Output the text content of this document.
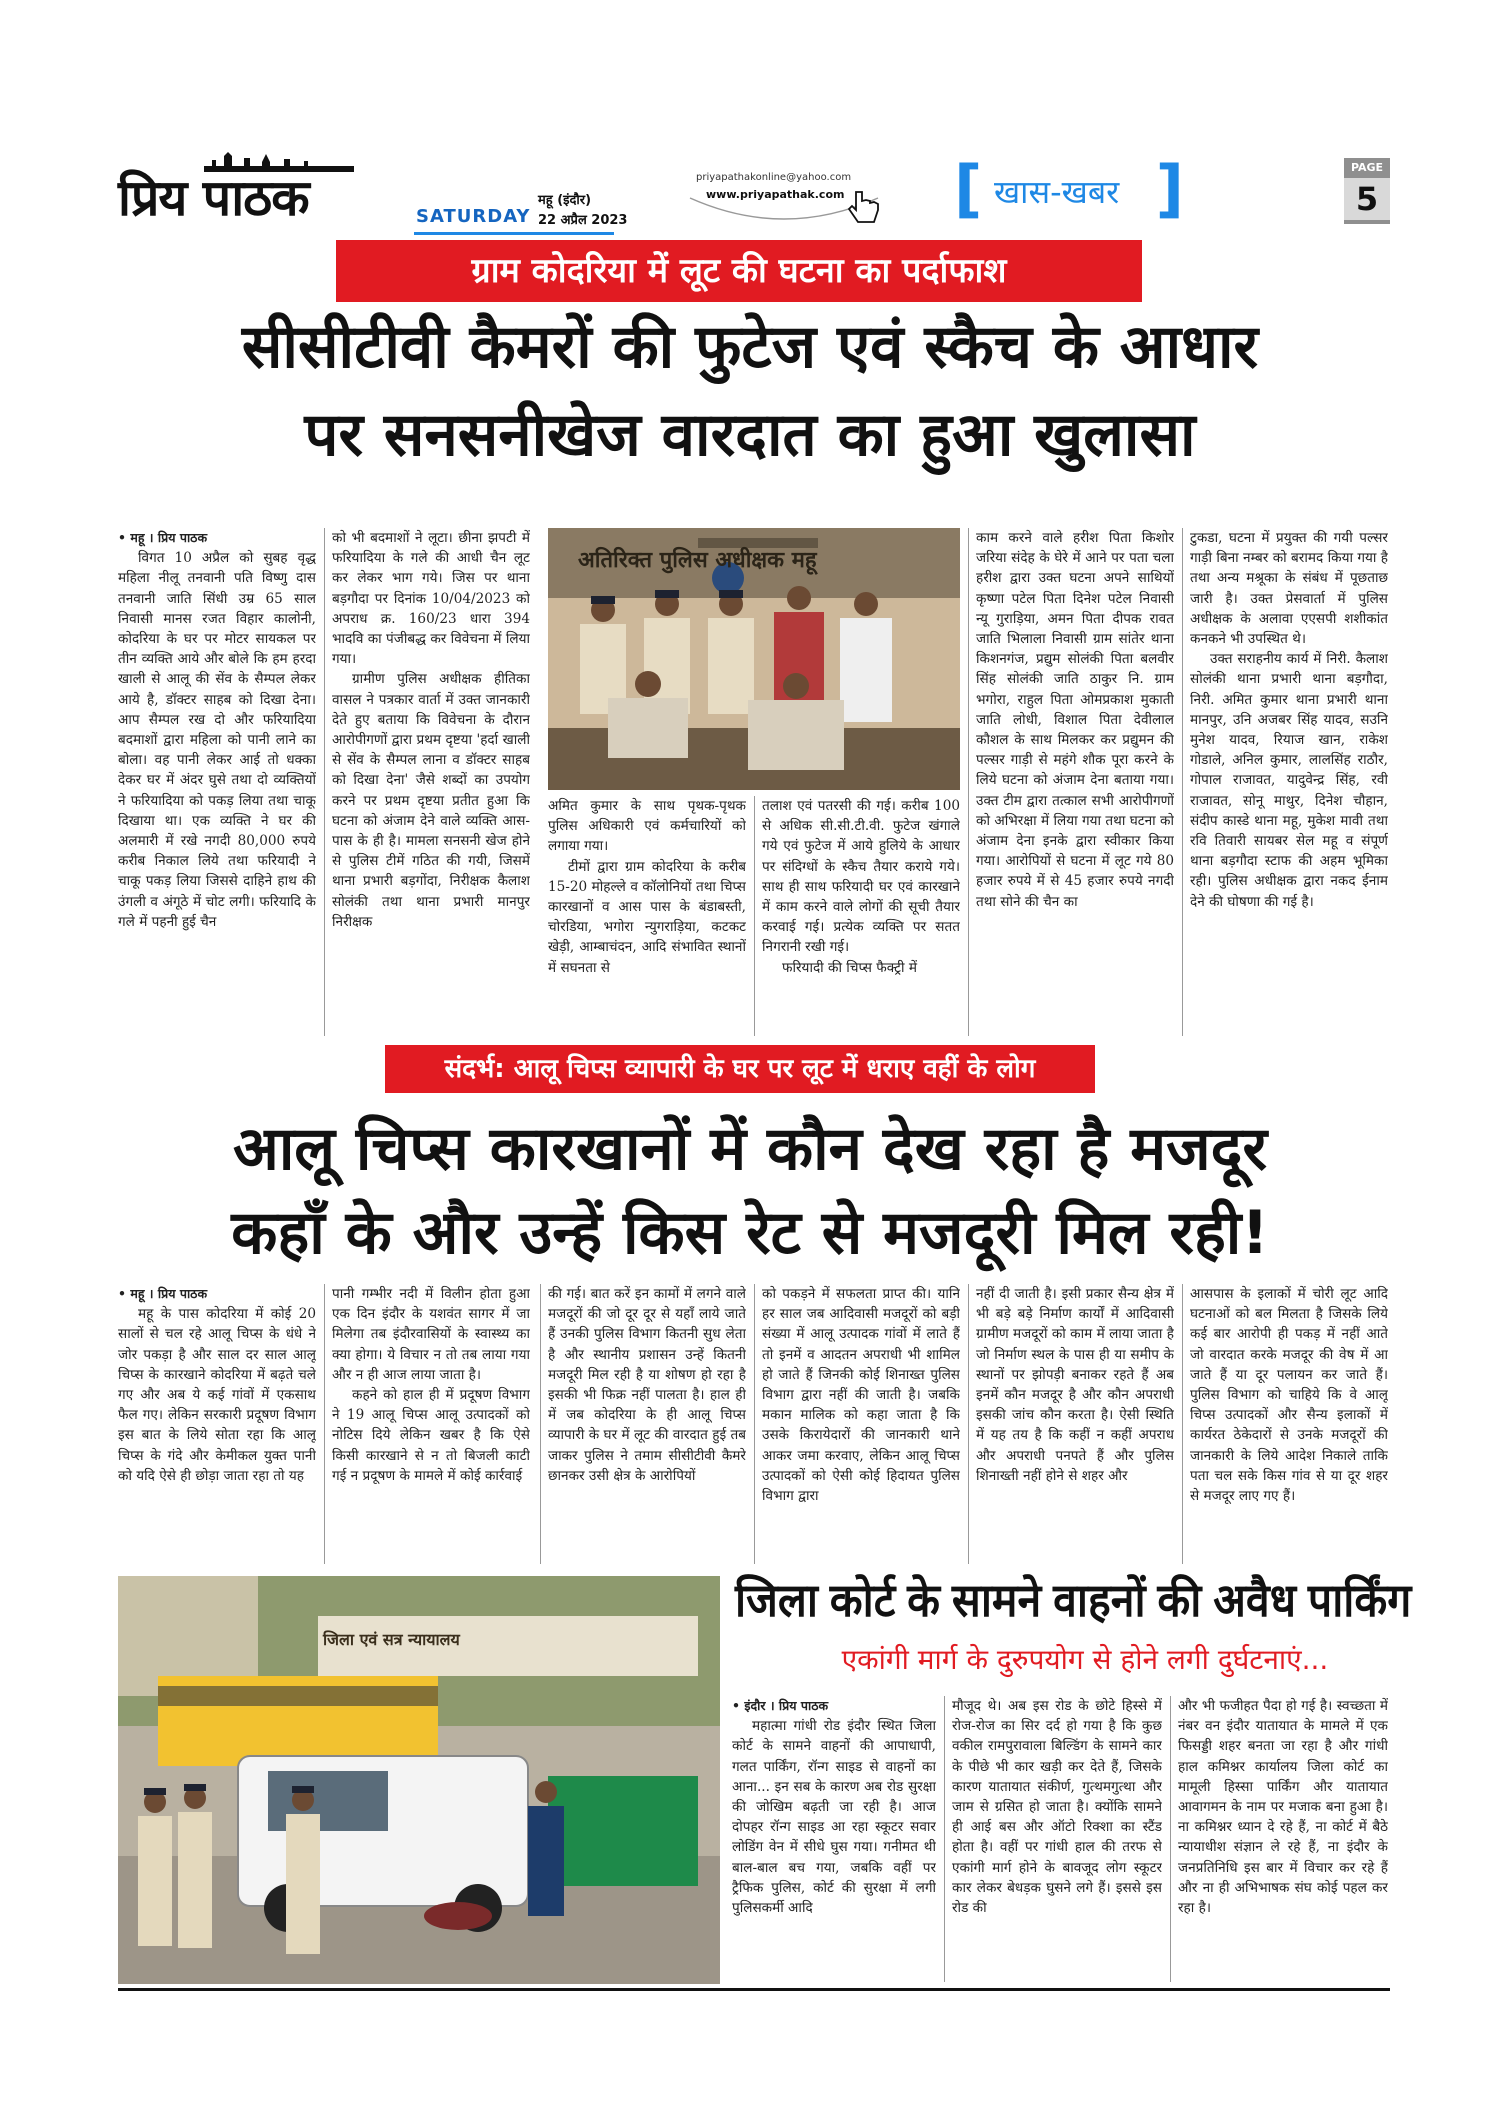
प्रिय पाठक	SATURDAY
महू (इंदौर)
22 अप्रैल 2023
priyapathakonline@yahoo.com
www.priyapathak.com [ खास-खबर ]	PAGE
5
ग्राम कोदरिया में लूट की घटना का पर्दाफाश
सीसीटीवी कैमरों की फुटेज एवं स्कैच के आधार
पर सनसनीखेज वारदात का हुआ खुलासा

• महू । प्रिय पाठक

विगत 10 अप्रैल को सुबह वृद्ध महिला नीलू तनवानी पति विष्णु दास तनवानी जाति सिंधी उम्र 65 साल निवासी मानस रजत विहार कालोनी, कोदरिया के घर पर मोटर सायकल पर तीन व्यक्ति आये और बोले कि हम हरदा खाली से आलू की सेंव के सैम्पल लेकर आये है, डॉक्टर साहब को दिखा देना। आप सैम्पल रख दो और फरियादिया बदमाशों द्वारा महिला को पानी लाने का बोला। वह पानी लेकर आई तो धक्का देकर घर में अंदर घुसे तथा दो व्यक्तियों ने फरियादिया को पकड़ लिया तथा चाकू दिखाया था। एक व्यक्ति ने घर की अलमारी में रखे नगदी 80,000 रुपये करीब निकाल लिये तथा फरियादी ने चाकू पकड़ लिया जिससे दाहिने हाथ की उंगली व अंगूठे में चोट लगी। फरियादि के गले में पहनी हुई चैन

को भी बदमाशों ने लूटा। छीना झपटी में फरियादिया के गले की आधी चैन लूट कर लेकर भाग गये। जिस पर थाना बड़गौदा पर दिनांक 10/04/2023 को अपराध क्र. 160/23 धारा 394 भादवि का पंजीबद्ध कर विवेचना में लिया गया।

ग्रामीण पुलिस अधीक्षक हीतिका वासल ने पत्रकार वार्ता में उक्त जानकारी देते हुए बताया कि विवेचना के दौरान आरोपीगणों द्वारा प्रथम दृष्टया 'हर्दा खाली से सेंव के सैम्पल लाना व डॉक्टर साहब को दिखा देना' जैसे शब्दों का उपयोग करने पर प्रथम दृष्टया प्रतीत हुआ कि घटना को अंजाम देने वाले व्यक्ति आस-पास के ही है। मामला सनसनी खेज होने से पुलिस टीमें गठित की गयी, जिसमें थाना प्रभारी बड़गोंदा, निरीक्षक कैलाश सोलंकी तथा थाना प्रभारी मानपुर निरीक्षक

अतिरिक्त पुलिस अधीक्षक महू

अमित कुमार के साथ पृथक-पृथक पुलिस अधिकारी एवं कर्मचारियों को लगाया गया।

टीमों द्वारा ग्राम कोदरिया के करीब 15-20 मोहल्ले व कॉलोनियों तथा चिप्स कारखानों व आस पास के बंडाबस्ती, चोरडिया, भगोरा न्युगराड़िया, कटकट खेड़ी, आम्बाचंदन, आदि संभावित स्थानों में सघनता से

तलाश एवं पतरसी की गई। करीब 100 से अधिक सी.सी.टी.वी. फुटेज खंगाले गये एवं फुटेज में आये हुलिये के आधार पर संदिग्धों के स्कैच तैयार कराये गये। साथ ही साथ फरियादी घर एवं कारखाने में काम करने वाले लोगों की सूची तैयार करवाई गई। प्रत्येक व्यक्ति पर सतत निगरानी रखी गई।

फरियादी की चिप्स फैक्ट्री में

काम करने वाले हरीश पिता किशोर जरिया संदेह के घेरे में आने पर पता चला हरीश द्वारा उक्त घटना अपने साथियों कृष्णा पटेल पिता दिनेश पटेल निवासी न्यू गुराड़िया, अमन पिता दीपक रावत जाति भिलाला निवासी ग्राम सांतेर थाना किशनगंज, प्रद्युम सोलंकी पिता बलवीर सिंह सोलंकी जाति ठाकुर नि. ग्राम भगोरा, राहुल पिता ओमप्रकाश मुकाती जाति लोधी, विशाल पिता देवीलाल कौशल के साथ मिलकर कर प्रद्युमन की पल्सर गाड़ी से महंगे शौक पूरा करने के लिये घटना को अंजाम देना बताया गया। उक्त टीम द्वारा तत्काल सभी आरोपीगणों को अभिरक्षा में लिया गया तथा घटना को अंजाम देना इनके द्वारा स्वीकार किया गया। आरोपियों से घटना में लूट गये 80 हजार रुपये में से 45 हजार रुपये नगदी तथा सोने की चैन का

टुकडा, घटना में प्रयुक्त की गयी पल्सर गाड़ी बिना नम्बर को बरामद किया गया है तथा अन्य मश्रूका के संबंध में पूछताछ जारी है। उक्त प्रेसवार्ता में पुलिस अधीक्षक के अलावा एएसपी शशीकांत कनकने भी उपस्थित थे।

उक्त सराहनीय कार्य में निरी. कैलाश सोलंकी थाना प्रभारी थाना बड़गौदा, निरी. अमित कुमार थाना प्रभारी थाना मानपुर, उनि अजबर सिंह यादव, सउनि मुनेश यादव, रियाज खान, राकेश गोडाले, अनिल कुमार, लालसिंह राठौर, गोपाल राजावत, यादुवेन्द्र सिंह, रवी राजावत, सोनू माथुर, दिनेश चौहान, संदीप कास्डे थाना महू, मुकेश मावी तथा रवि तिवारी सायबर सेल महू व संपूर्ण थाना बड़गौदा स्टाफ की अहम भूमिका रही। पुलिस अधीक्षक द्वारा नकद ईनाम देने की घोषणा की गई है।

संदर्भ: आलू चिप्स व्यापारी के घर पर लूट में धराए वहीं के लोग
आलू चिप्स कारखानों में कौन देख रहा है मजदूर
कहाँ के और उन्हें किस रेट से मजदूरी मिल रही!

• महू । प्रिय पाठक

महू के पास कोदरिया में कोई 20 सालों से चल रहे आलू चिप्स के धंधे ने जोर पकड़ा है और साल दर साल आलू चिप्स के कारखाने कोदरिया में बढ़ते चले गए और अब ये कई गांवों में एकसाथ फैल गए। लेकिन सरकारी प्रदूषण विभाग इस बात के लिये सोता रहा कि आलू चिप्स के गंदे और केमीकल युक्त पानी को यदि ऐसे ही छोड़ा जाता रहा तो यह

पानी गम्भीर नदी में विलीन होता हुआ एक दिन इंदौर के यशवंत सागर में जा मिलेगा तब इंदौरवासियों के स्वास्थ्य का क्या होगा। ये विचार न तो तब लाया गया और न ही आज लाया जाता है।

कहने को हाल ही में प्रदूषण विभाग ने 19 आलू चिप्स आलू उत्पादकों को नोटिस दिये लेकिन खबर है कि ऐसे किसी कारखाने से न तो बिजली काटी गई न प्रदूषण के मामले में कोई कार्रवाई

की गई। बात करें इन कामों में लगने वाले मजदूरों की जो दूर दूर से यहाँ लाये जाते हैं उनकी पुलिस विभाग कितनी सुध लेता है और स्थानीय प्रशासन उन्हें कितनी मजदूरी मिल रही है या शोषण हो रहा है इसकी भी फिक्र नहीं पालता है। हाल ही में जब कोदरिया के ही आलू चिप्स व्यापारी के घर में लूट की वारदात हुई तब जाकर पुलिस ने तमाम सीसीटीवी कैमरे छानकर उसी क्षेत्र के आरोपियों

को पकड़ने में सफलता प्राप्त की। यानि हर साल जब आदिवासी मजदूरों को बड़ी संख्या में आलू उत्पादक गांवों में लाते हैं तो इनमें व आदतन अपराधी भी शामिल हो जाते हैं जिनकी कोई शिनाख्त पुलिस विभाग द्वारा नहीं की जाती है। जबकि मकान मालिक को कहा जाता है कि उसके किरायेदारों की जानकारी थाने आकर जमा करवाए, लेकिन आलू चिप्स उत्पादकों को ऐसी कोई हिदायत पुलिस विभाग द्वारा

नहीं दी जाती है। इसी प्रकार सैन्य क्षेत्र में भी बड़े बड़े निर्माण कार्यों में आदिवासी ग्रामीण मजदूरों को काम में लाया जाता है जो निर्माण स्थल के पास ही या समीप के स्थानों पर झोपड़ी बनाकर रहते हैं अब इनमें कौन मजदूर है और कौन अपराधी इसकी जांच कौन करता है। ऐसी स्थिति में यह तय है कि कहीं न कहीं अपराध और अपराधी पनपते हैं और पुलिस शिनाख्ती नहीं होने से शहर और

आसपास के इलाकों में चोरी लूट आदि घटनाओं को बल मिलता है जिसके लिये कई बार आरोपी ही पकड़ में नहीं आते जो वारदात करके मजदूर की वेष में आ जाते हैं या दूर पलायन कर जाते हैं। पुलिस विभाग को चाहिये कि वे आलू चिप्स उत्पादकों और सैन्य इलाकों में कार्यरत ठेकेदारों से उनके मजदूरों की जानकारी के लिये आदेश निकाले ताकि पता चल सके किस गांव से या दूर शहर से मजदूर लाए गए हैं।

जिला एवं सत्र न्यायालय
जिला कोर्ट के सामने वाहनों की अवैध पार्किंग
एकांगी मार्ग के दुरुपयोग से होने लगी दुर्घटनाएं...

• इंदौर । प्रिय पाठक

महात्मा गांधी रोड इंदौर स्थित जिला कोर्ट के सामने वाहनों की आपाधापी, गलत पार्किंग, रॉन्ग साइड से वाहनों का आना... इन सब के कारण अब रोड सुरक्षा की जोखिम बढ़ती जा रही है। आज दोपहर रॉन्ग साइड आ रहा स्कूटर सवार लोडिंग वेन में सीधे घुस गया। गनीमत थी बाल-बाल बच गया, जबकि वहीं पर ट्रैफिक पुलिस, कोर्ट की सुरक्षा में लगी पुलिसकर्मी आदि

मौजूद थे। अब इस रोड के छोटे हिस्से में रोज-रोज का सिर दर्द हो गया है कि कुछ वकील रामपुरावाला बिल्डिंग के सामने कार के पीछे भी कार खड़ी कर देते हैं, जिसके कारण यातायात संकीर्ण, गुत्थमगुत्था और जाम से ग्रसित हो जाता है। क्योंकि सामने ही आई बस और ऑटो रिक्शा का स्टैंड होता है। वहीं पर गांधी हाल की तरफ से एकांगी मार्ग होने के बावजूद लोग स्कूटर कार लेकर बेधड़क घुसने लगे हैं। इससे इस रोड की

और भी फजीहत पैदा हो गई है। स्वच्छता में नंबर वन इंदौर यातायात के मामले में एक फिसड्डी शहर बनता जा रहा है और गांधी हाल कमिश्नर कार्यालय जिला कोर्ट का मामूली हिस्सा पार्किंग और यातायात आवागमन के नाम पर मजाक बना हुआ है। ना कमिश्नर ध्यान दे रहे हैं, ना कोर्ट में बैठे न्यायाधीश संज्ञान ले रहे हैं, ना इंदौर के जनप्रतिनिधि इस बार में विचार कर रहे हैं और ना ही अभिभाषक संघ कोई पहल कर रहा है।
